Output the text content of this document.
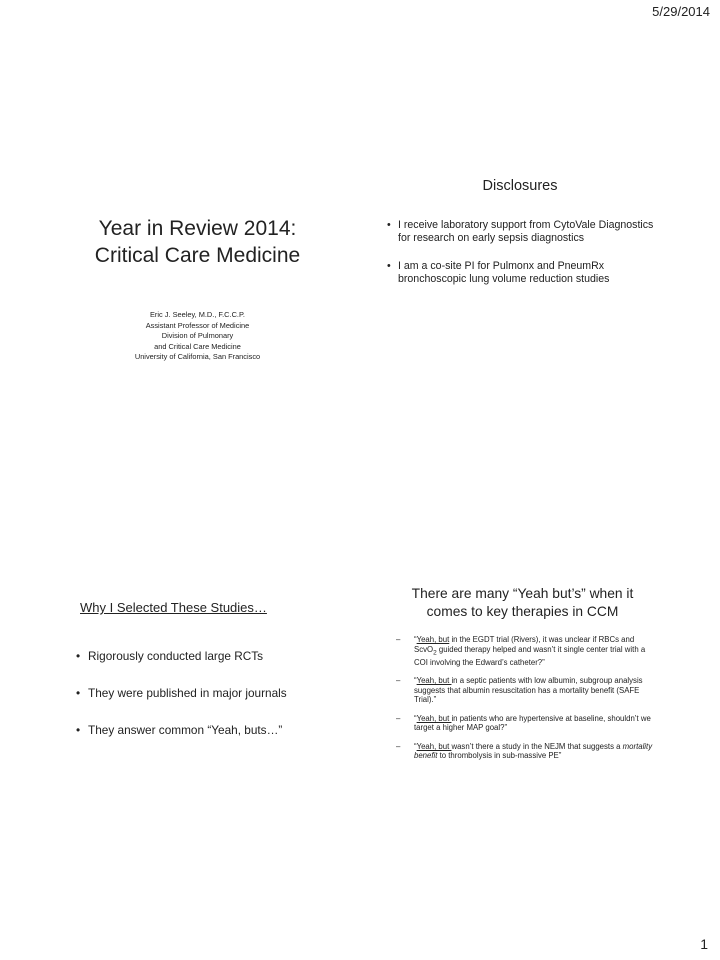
5/29/2014
Year in Review 2014:
Critical Care Medicine
Eric J. Seeley, M.D., F.C.C.P.
Assistant Professor of Medicine
Division of Pulmonary
and Critical Care Medicine
University of California, San Francisco
Disclosures
• I receive laboratory support from CytoVale Diagnostics for research on early sepsis diagnostics
• I am a co-site PI for Pulmonx and PneumRx bronchoscopic lung volume reduction studies
Why I Selected These Studies…
• Rigorously conducted large RCTs
• They were published in major journals
• They answer common “Yeah, buts…”
There are many “Yeah but’s” when it comes to key therapies in CCM
– “Yeah, but in the EGDT trial (Rivers), it was unclear if RBCs and ScvO$_2$ guided therapy helped and wasn’t it single center trial with a COI involving the Edward’s catheter?”
– “Yeah, but in a septic patients with low albumin, subgroup analysis suggests that albumin resuscitation has a mortality benefit (SAFE Trial).”
– “Yeah, but in patients who are hypertensive at baseline, shouldn’t we target a higher MAP goal?”
– “Yeah, but wasn’t there a study in the NEJM that suggests a mortality benefit to thrombolysis in sub-massive PE”
1
